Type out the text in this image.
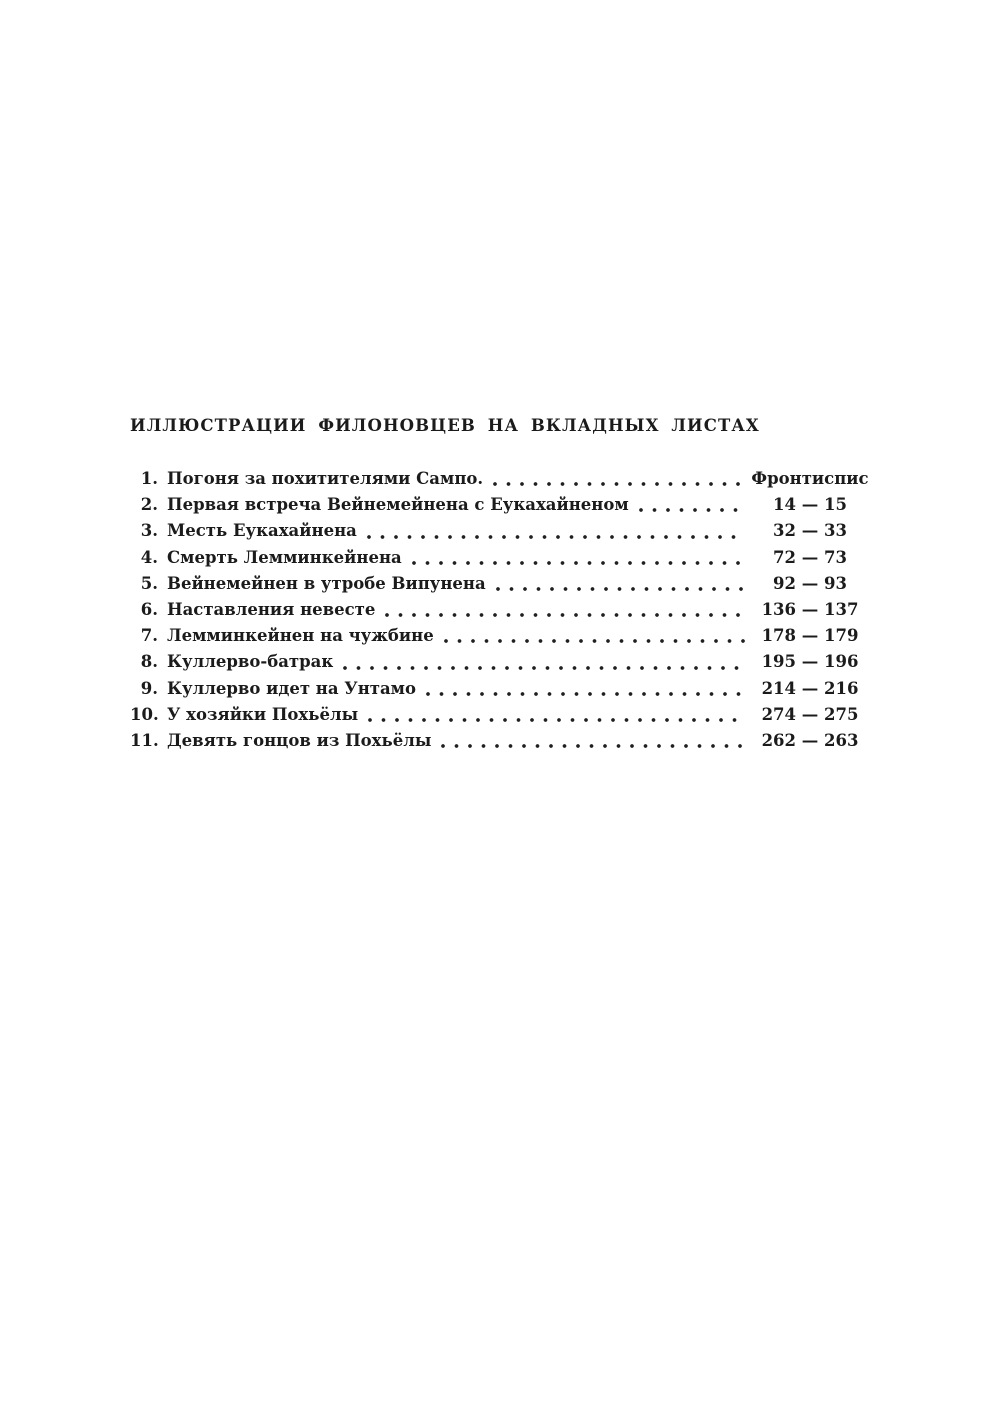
ИЛЛЮСТРАЦИИ ФИЛОНОВЦЕВ НА ВКЛАДНЫХ ЛИСТАХ
1. Погоня за похитителями Сампо.	Фронтиспис
2. Первая встреча Вейнемейнена с Еукахайненом	14 — 15
3. Месть Еукахайнена	32 — 33
4. Смерть Лемминкейнена	72 — 73
5. Вейнемейнен в утробе Випунена	92 — 93
6. Наставления невесте	136 — 137
7. Лемминкейнен на чужбине	178 — 179
8. Куллерво-батрак	195 — 196
9. Куллерво идет на Унтамо	214 — 216
10. У хозяйки Похьёлы	274 — 275
11. Девять гонцов из Похьёлы	262 — 263
